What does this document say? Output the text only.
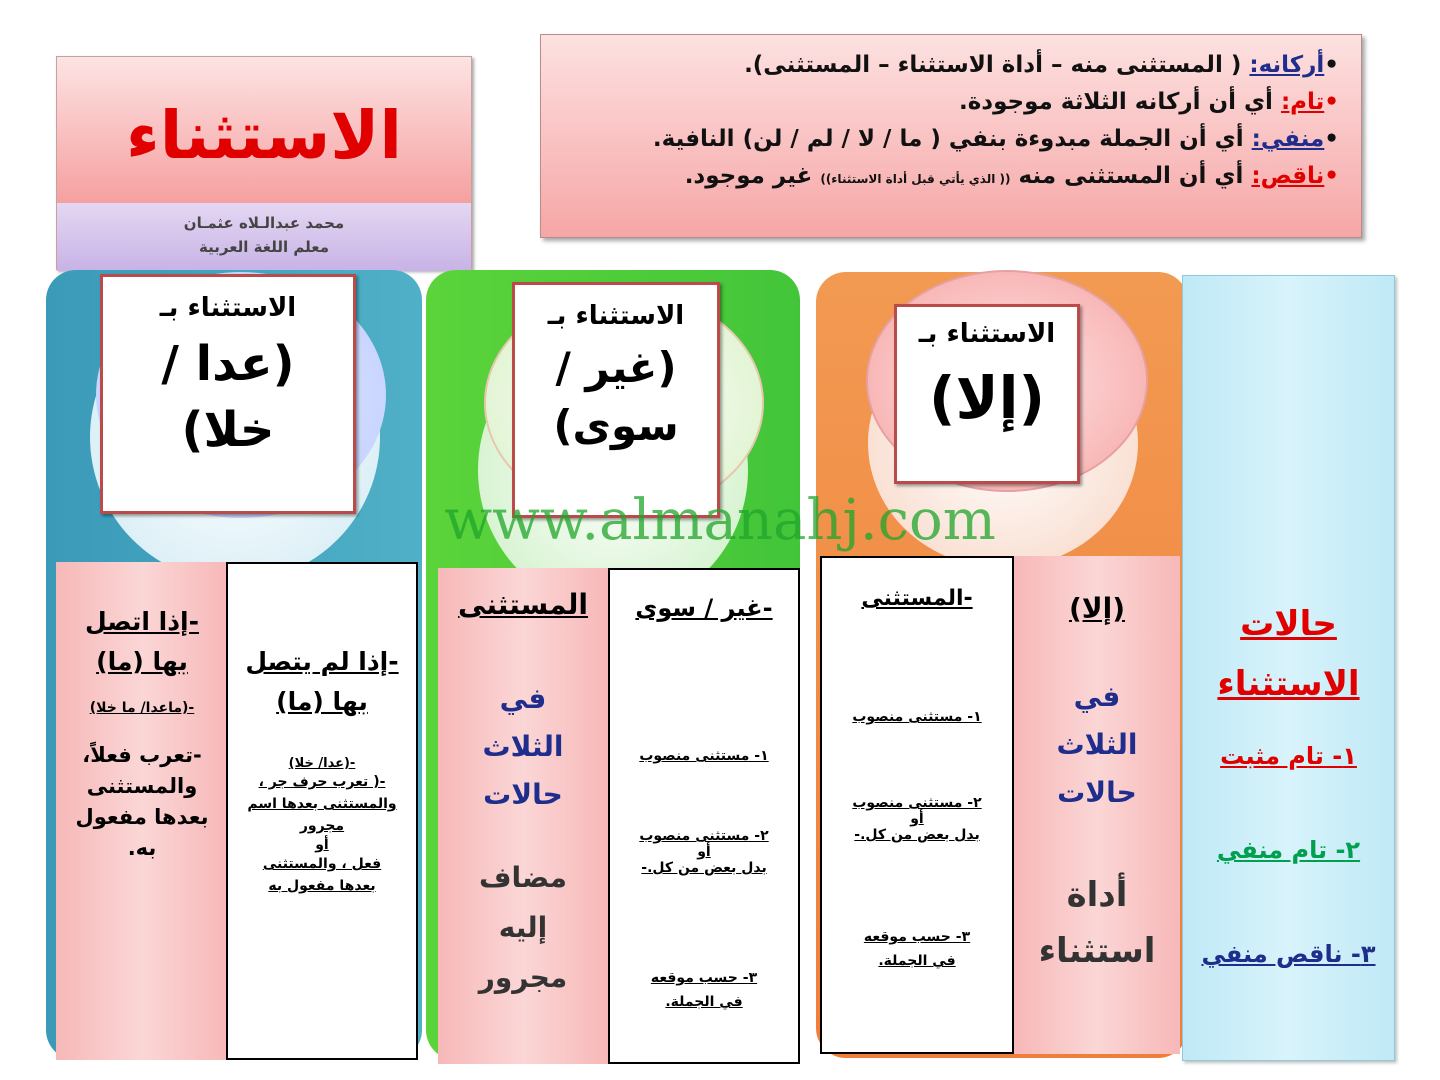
الاستثناء
محمد عبدالـلاه عثمـان
معلم اللغة العربية
•أركانه: ( المستثنى منه – أداة الاستثناء – المستثنى).
•تام: أي أن أركانه الثلاثة موجودة.
•منفي: أي أن الجملة مبدوءة بنفي ( ما / لا / لم / لن) النافية.
•ناقص: أي أن المستثنى منه (( الذي يأتي قبل أداة الاستثناء)) غير موجود.
الاستثناء بـ
(عدا / خلا)
الاستثناء بـ
(غير / سوى)
الاستثناء بـ
(إلا)
www.almanahj.com
-إذا اتصل بها (ما)
-(ماعدا/ ما خلا)
-تعرب فعلاً، والمستثنى بعدها مفعول به.
-إذا لم يتصل بها (ما)
-(عدا/ خلا)
-( تعرب حرف جر ، والمستثنى بعدها اسم مجرور
أو
فعل ، والمستثنى بعدها مفعول به
المستثنى
في الثلاث حالات
مضاف إليه مجرور
-غير / سوى
١- مستثنى منصوب
٢- مستثنى منصوب
أو
بدل بعض من كل.-
٣- حسب موقعه في الجملة.
-المستثنى
١- مستثنى منصوب
٢- مستثنى منصوب
أو
بدل بعض من كل.-
٣- حسب موقعه في الجملة.
(إلا)
في الثلاث حالات
أداة استثناء
حالات الاستثناء
١- تام مثبت
٢- تام منفي
٣- ناقص منفي
